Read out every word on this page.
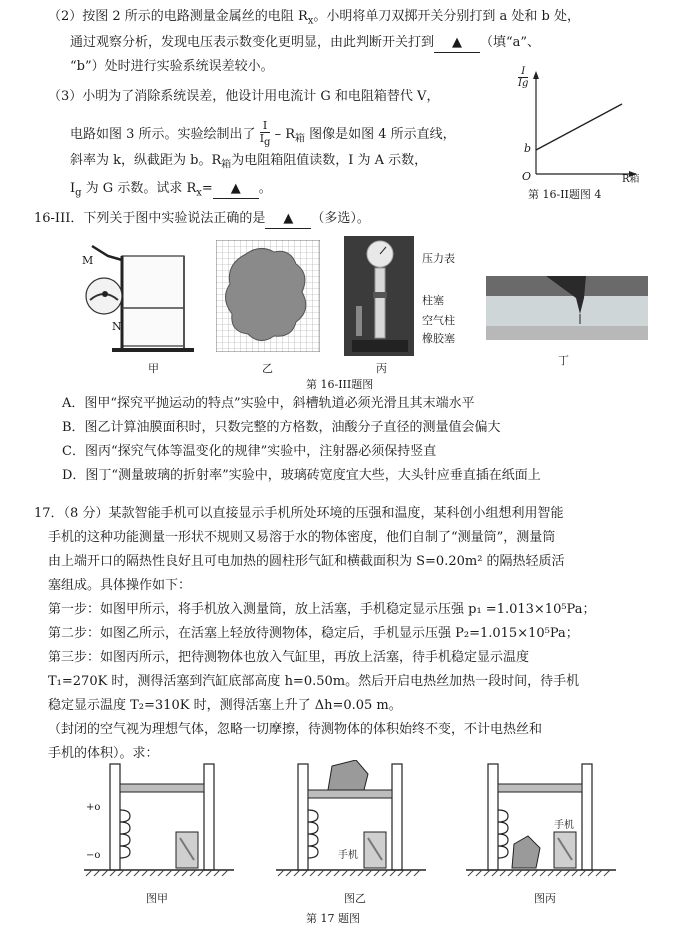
（2）按图 2 所示的电路测量金属丝的电阻 $R_x$。小明将单刀双掷开关分别打到 a 处和 b 处，
通过观察分析，发现电压表示数变化更明显，由此判断开关打到 ▲ （填“a”、
“b”）处时进行实验系统误差较小。
（3）小明为了消除系统误差，他设计用电流计 G 和电阻箱替代 V，
电路如图 3 所示。实验绘制出了 $\frac{I}{I_g} - R_箱$ 图像是如图 4 所示直线，
斜率为 k，纵截距为 b。$R_箱$为电阻箱阻值读数，I 为 A 示数，
$I_g$ 为 G 示数。试求 $R_x=$ ▲ 。
I
Ig
b
O	R箱
第 16-II题图 4
16-III．下列关于图中实验说法正确的是 ▲ （多选）。
M
N
甲	乙
压力表
柱塞
空气柱
橡胶塞
丙
丁
第 16-III题图
A．图甲“探究平抛运动的特点”实验中，斜槽轨道必须光滑且其末端水平
B．图乙计算油膜面积时，只数完整的方格数，油酸分子直径的测量值会偏大
C．图丙“探究气体等温变化的规律”实验中，注射器必须保持竖直
D．图丁“测量玻璃的折射率”实验中，玻璃砖宽度宜大些，大头针应垂直插在纸面上
17．（8 分）某款智能手机可以直接显示手机所处环境的压强和温度，某科创小组想利用智能
手机的这种功能测量一形状不规则又易溶于水的物体密度，他们自制了“测量筒”，测量筒
由上端开口的隔热性良好且可电加热的圆柱形气缸和横截面积为 S=0.20m² 的隔热轻质活
塞组成。具体操作如下：
第一步：如图甲所示，将手机放入测量筒，放上活塞，手机稳定显示压强 p₁ =1.013×10⁵Pa；
第二步：如图乙所示，在活塞上轻放待测物体，稳定后，手机显示压强 P₂=1.015×10⁵Pa；
第三步：如图丙所示，把待测物体也放入气缸里，再放上活塞，待手机稳定显示温度
T₁=270K 时，测得活塞到汽缸底部高度 h=0.50m。然后开启电热丝加热一段时间，待手机
稳定显示温度 T₂=310K 时，测得活塞上升了 Δh=0.05 m。
（封闭的空气视为理想气体，忽略一切摩擦，待测物体的体积始终不变，不计电热丝和
手机的体积）。求：
+o
−o
图甲
手机
图乙
手机
图丙
第 17 题图
